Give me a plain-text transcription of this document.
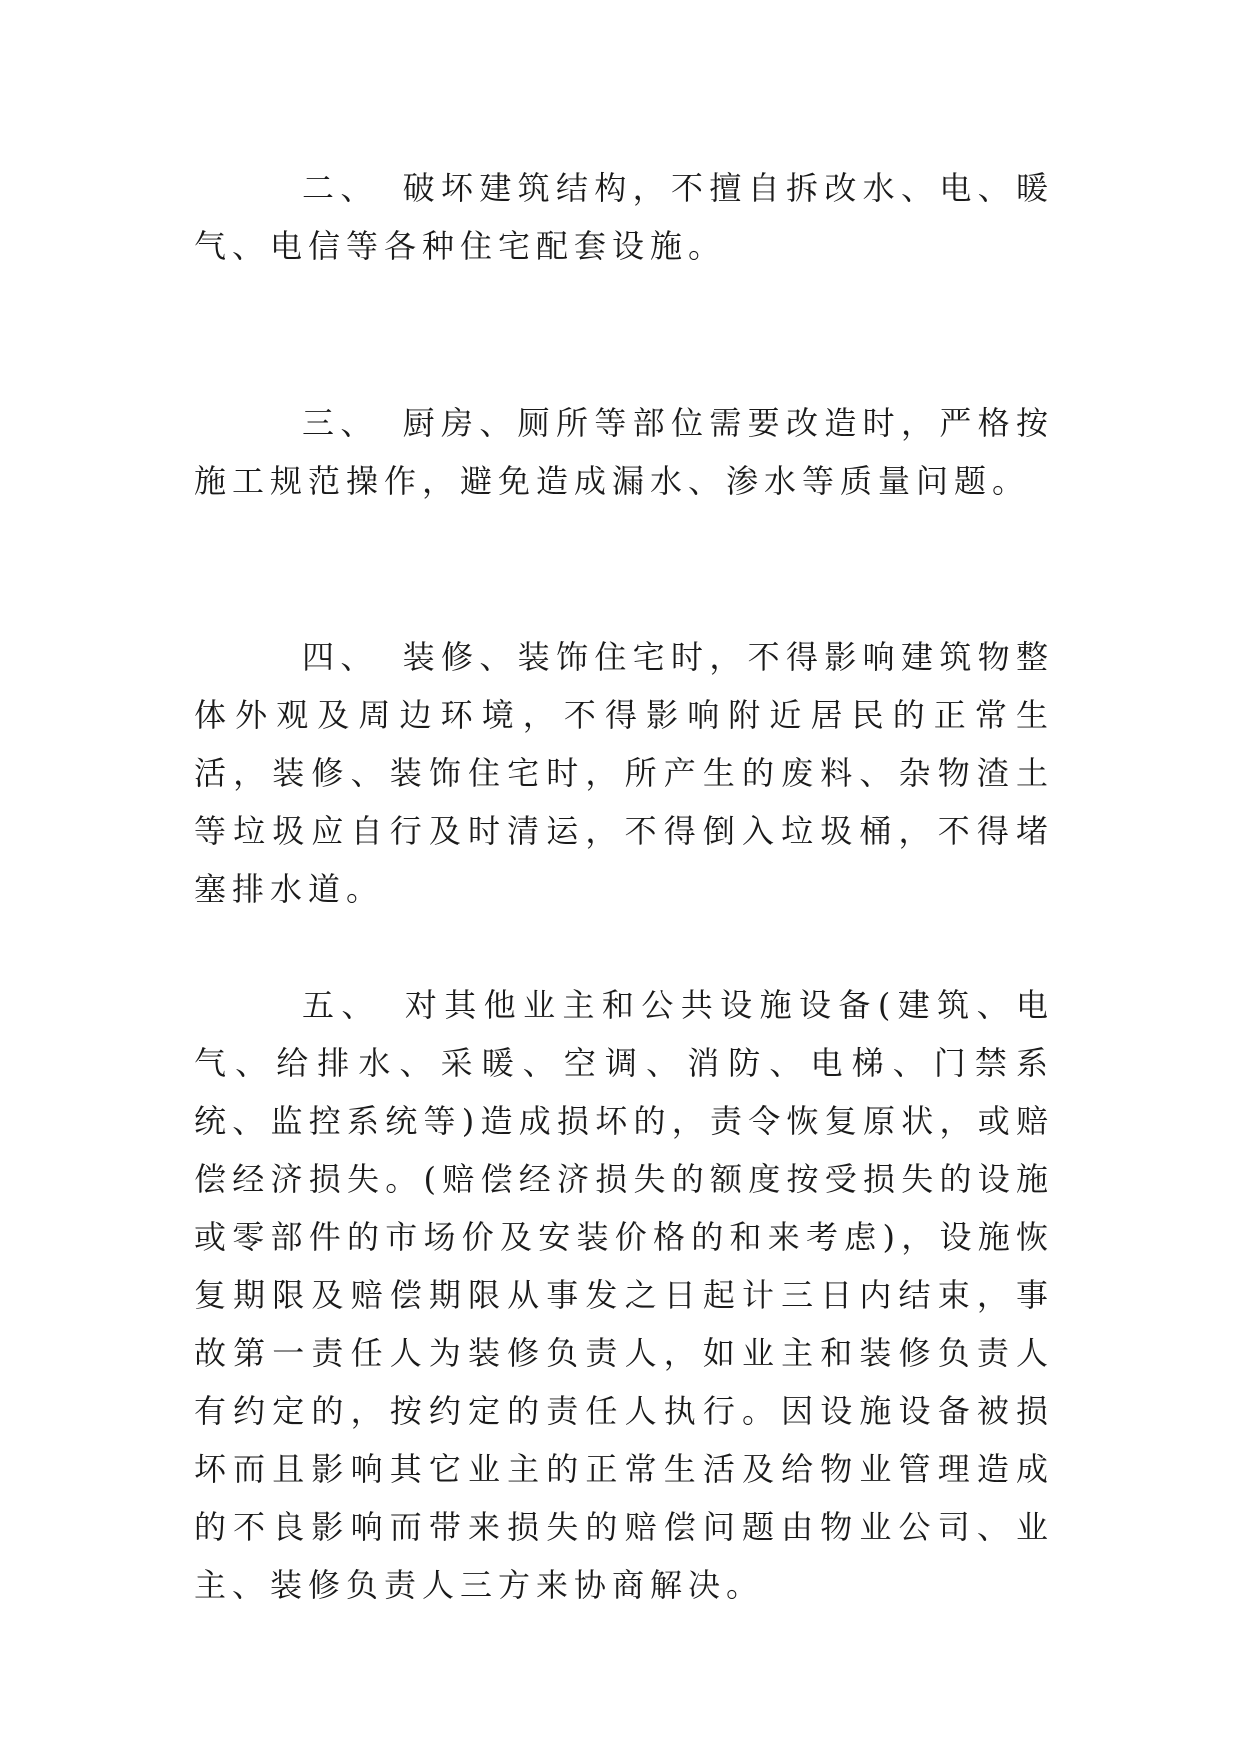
二、 破坏建筑结构，不擅自拆改水、电、暖气、电信等各种住宅配套设施。

三、 厨房、厕所等部位需要改造时，严格按施工规范操作，避免造成漏水、渗水等质量问题。

四、 装修、装饰住宅时，不得影响建筑物整体外观及周边环境，不得影响附近居民的正常生活，装修、装饰住宅时，所产生的废料、杂物渣土等垃圾应自行及时清运，不得倒入垃圾桶，不得堵塞排水道。

五、 对其他业主和公共设施设备(建筑、电气、给排水、采暖、空调、消防、电梯、门禁系统、监控系统等)造成损坏的，责令恢复原状，或赔偿经济损失。(赔偿经济损失的额度按受损失的设施或零部件的市场价及安装价格的和来考虑)，设施恢复期限及赔偿期限从事发之日起计三日内结束，事故第一责任人为装修负责人，如业主和装修负责人有约定的，按约定的责任人执行。因设施设备被损坏而且影响其它业主的正常生活及给物业管理造成的不良影响而带来损失的赔偿问题由物业公司、业主、装修负责人三方来协商解决。
